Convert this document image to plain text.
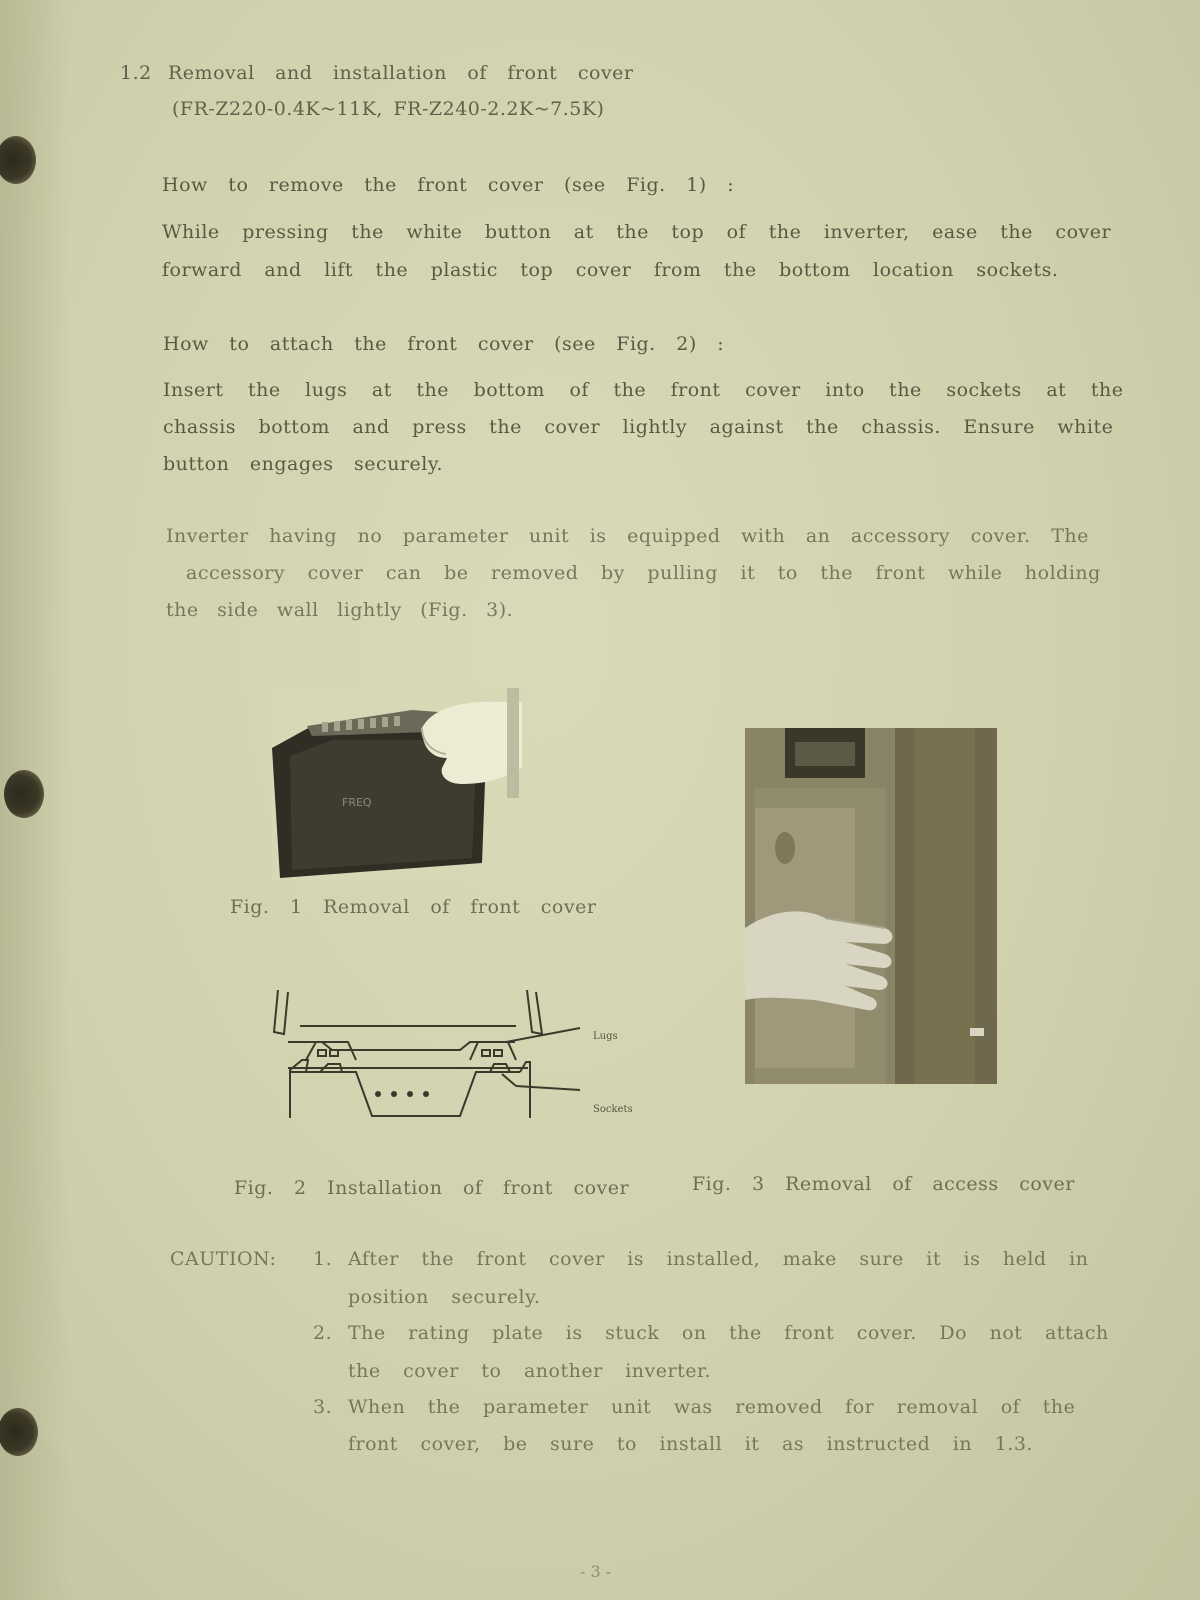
1.2 Removal and installation of front cover
(FR-Z220-0.4K~11K, FR-Z240-2.2K~7.5K)
How to remove the front cover (see Fig. 1) :
While pressing the white button at the top of the inverter, ease the cover
forward and lift the plastic top cover from the bottom location sockets.
How to attach the front cover (see Fig. 2) :
Insert the lugs at the bottom of the front cover into the sockets at the
chassis bottom and press the cover lightly against the chassis. Ensure white
button engages securely.
Inverter having no parameter unit is equipped with an accessory cover. The
accessory cover can be removed by pulling it to the front while holding
the side wall lightly (Fig. 3).
FREQ
Fig. 1 Removal of front cover
Lugs
Sockets
Fig. 2 Installation of front cover	Fig. 3 Removal of access cover
CAUTION: 1. After the front cover is installed, make sure it is held in
position securely.
2. The rating plate is stuck on the front cover. Do not attach
the cover to another inverter.
3. When the parameter unit was removed for removal of the
front cover, be sure to install it as instructed in 1.3.
- 3 -
